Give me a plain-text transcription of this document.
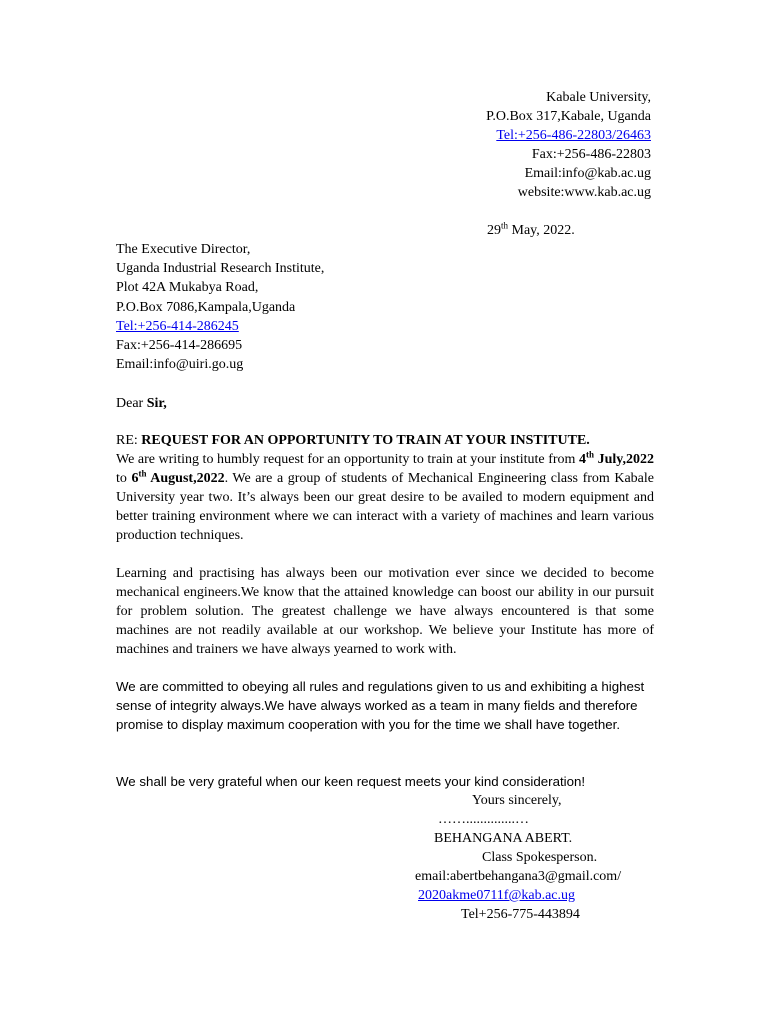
Kabale University,
P.O.Box 317,Kabale, Uganda
Tel:+256-486-22803/26463
Fax:+256-486-22803
Email:info@kab.ac.ug
website:www.kab.ac.ug
29th May, 2022.
The Executive Director,
Uganda Industrial Research Institute,
Plot 42A Mukabya Road,
P.O.Box 7086,Kampala,Uganda
Tel:+256-414-286245
Fax:+256-414-286695
Email:info@uiri.go.ug
Dear Sir,
RE: REQUEST FOR AN OPPORTUNITY TO TRAIN AT YOUR INSTITUTE.
We are writing to humbly request for an opportunity to train at your institute from 4th July,2022 to 6th August,2022. We are a group of students of Mechanical Engineering class from Kabale University year two. It’s always been our great desire to be availed to modern equipment and better training environment where we can interact with a variety of machines and learn various production techniques.
Learning and practising has always been our motivation ever since we decided to become mechanical engineers.We know that the attained knowledge can boost our ability in our pursuit for problem solution. The greatest challenge we have always encountered is that some machines are not readily available at our workshop. We believe your Institute has more of machines and trainers we have always yearned to work with.
We are committed to obeying all rules and regulations given to us and exhibiting a highest sense of integrity always.We have always worked as a team in many fields and therefore promise to display maximum cooperation with you for the time we shall have together.
We shall be very grateful when our keen request meets your kind consideration!
Yours sincerely,
……..............…
BEHANGANA ABERT.
Class Spokesperson.
email:abertbehangana3@gmail.com/
2020akme0711f@kab.ac.ug
Tel+256-775-443894
